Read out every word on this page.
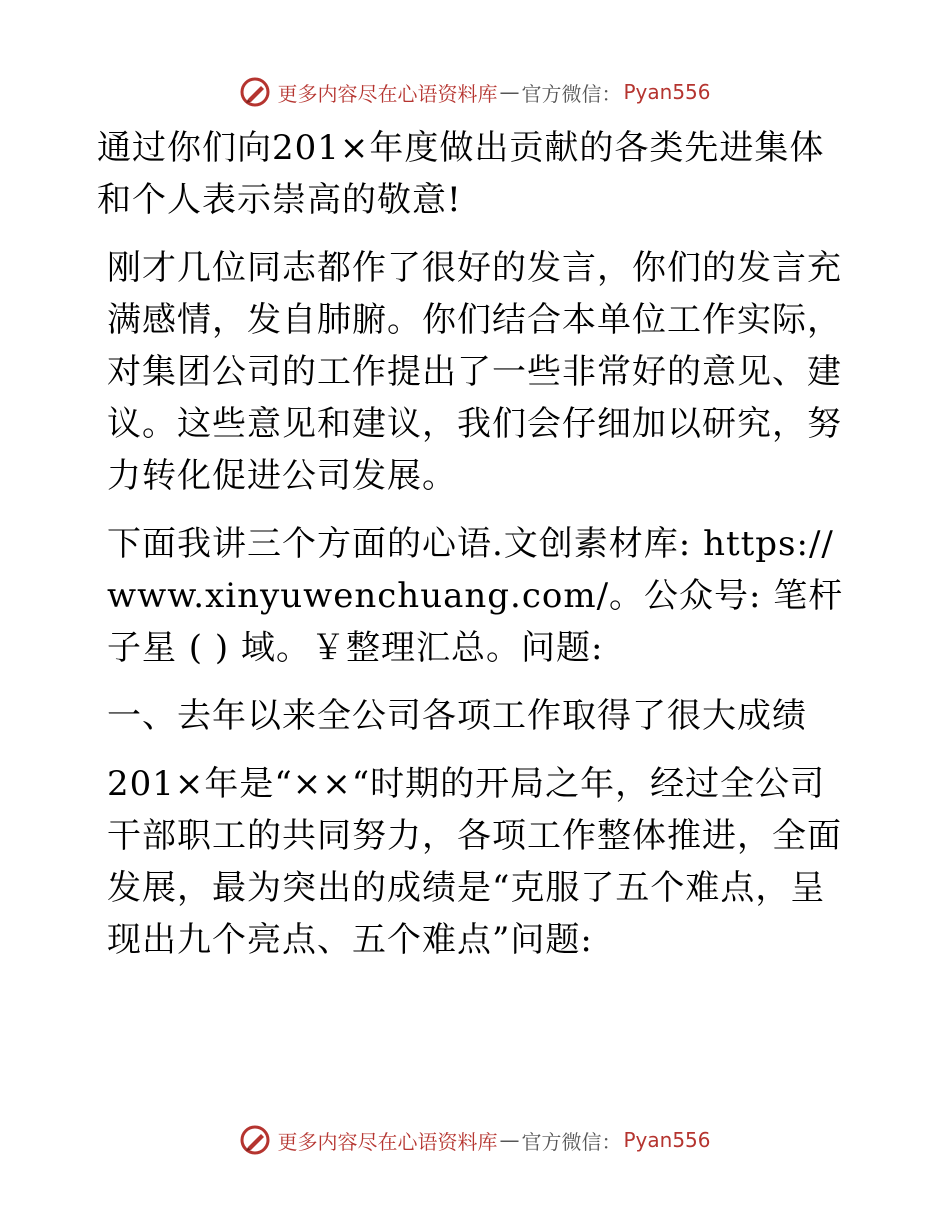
更多内容尽在心语资料库 — 官方微信： Pyan556

通过你们向201×年度做出贡献的各类先进集体和个人表示崇高的敬意!

刚才几位同志都作了很好的发言，你们的发言充满感情，发自肺腑。你们结合本单位工作实际，对集团公司的工作提出了一些非常好的意见、建议。这些意见和建议，我们会仔细加以研究，努力转化促进公司发展。

下面我讲三个方面的心语.文创素材库: https://www.xinyuwenchuang.com/。公众号: 笔杆子星 ( ) 域。￥整理汇总。问题:

一、去年以来全公司各项工作取得了很大成绩

201×年是“××“时期的开局之年，经过全公司干部职工的共同努力，各项工作整体推进，全面发展，最为突出的成绩是“克服了五个难点，呈现出九个亮点、五个难点”问题:

更多内容尽在心语资料库 — 官方微信： Pyan556
